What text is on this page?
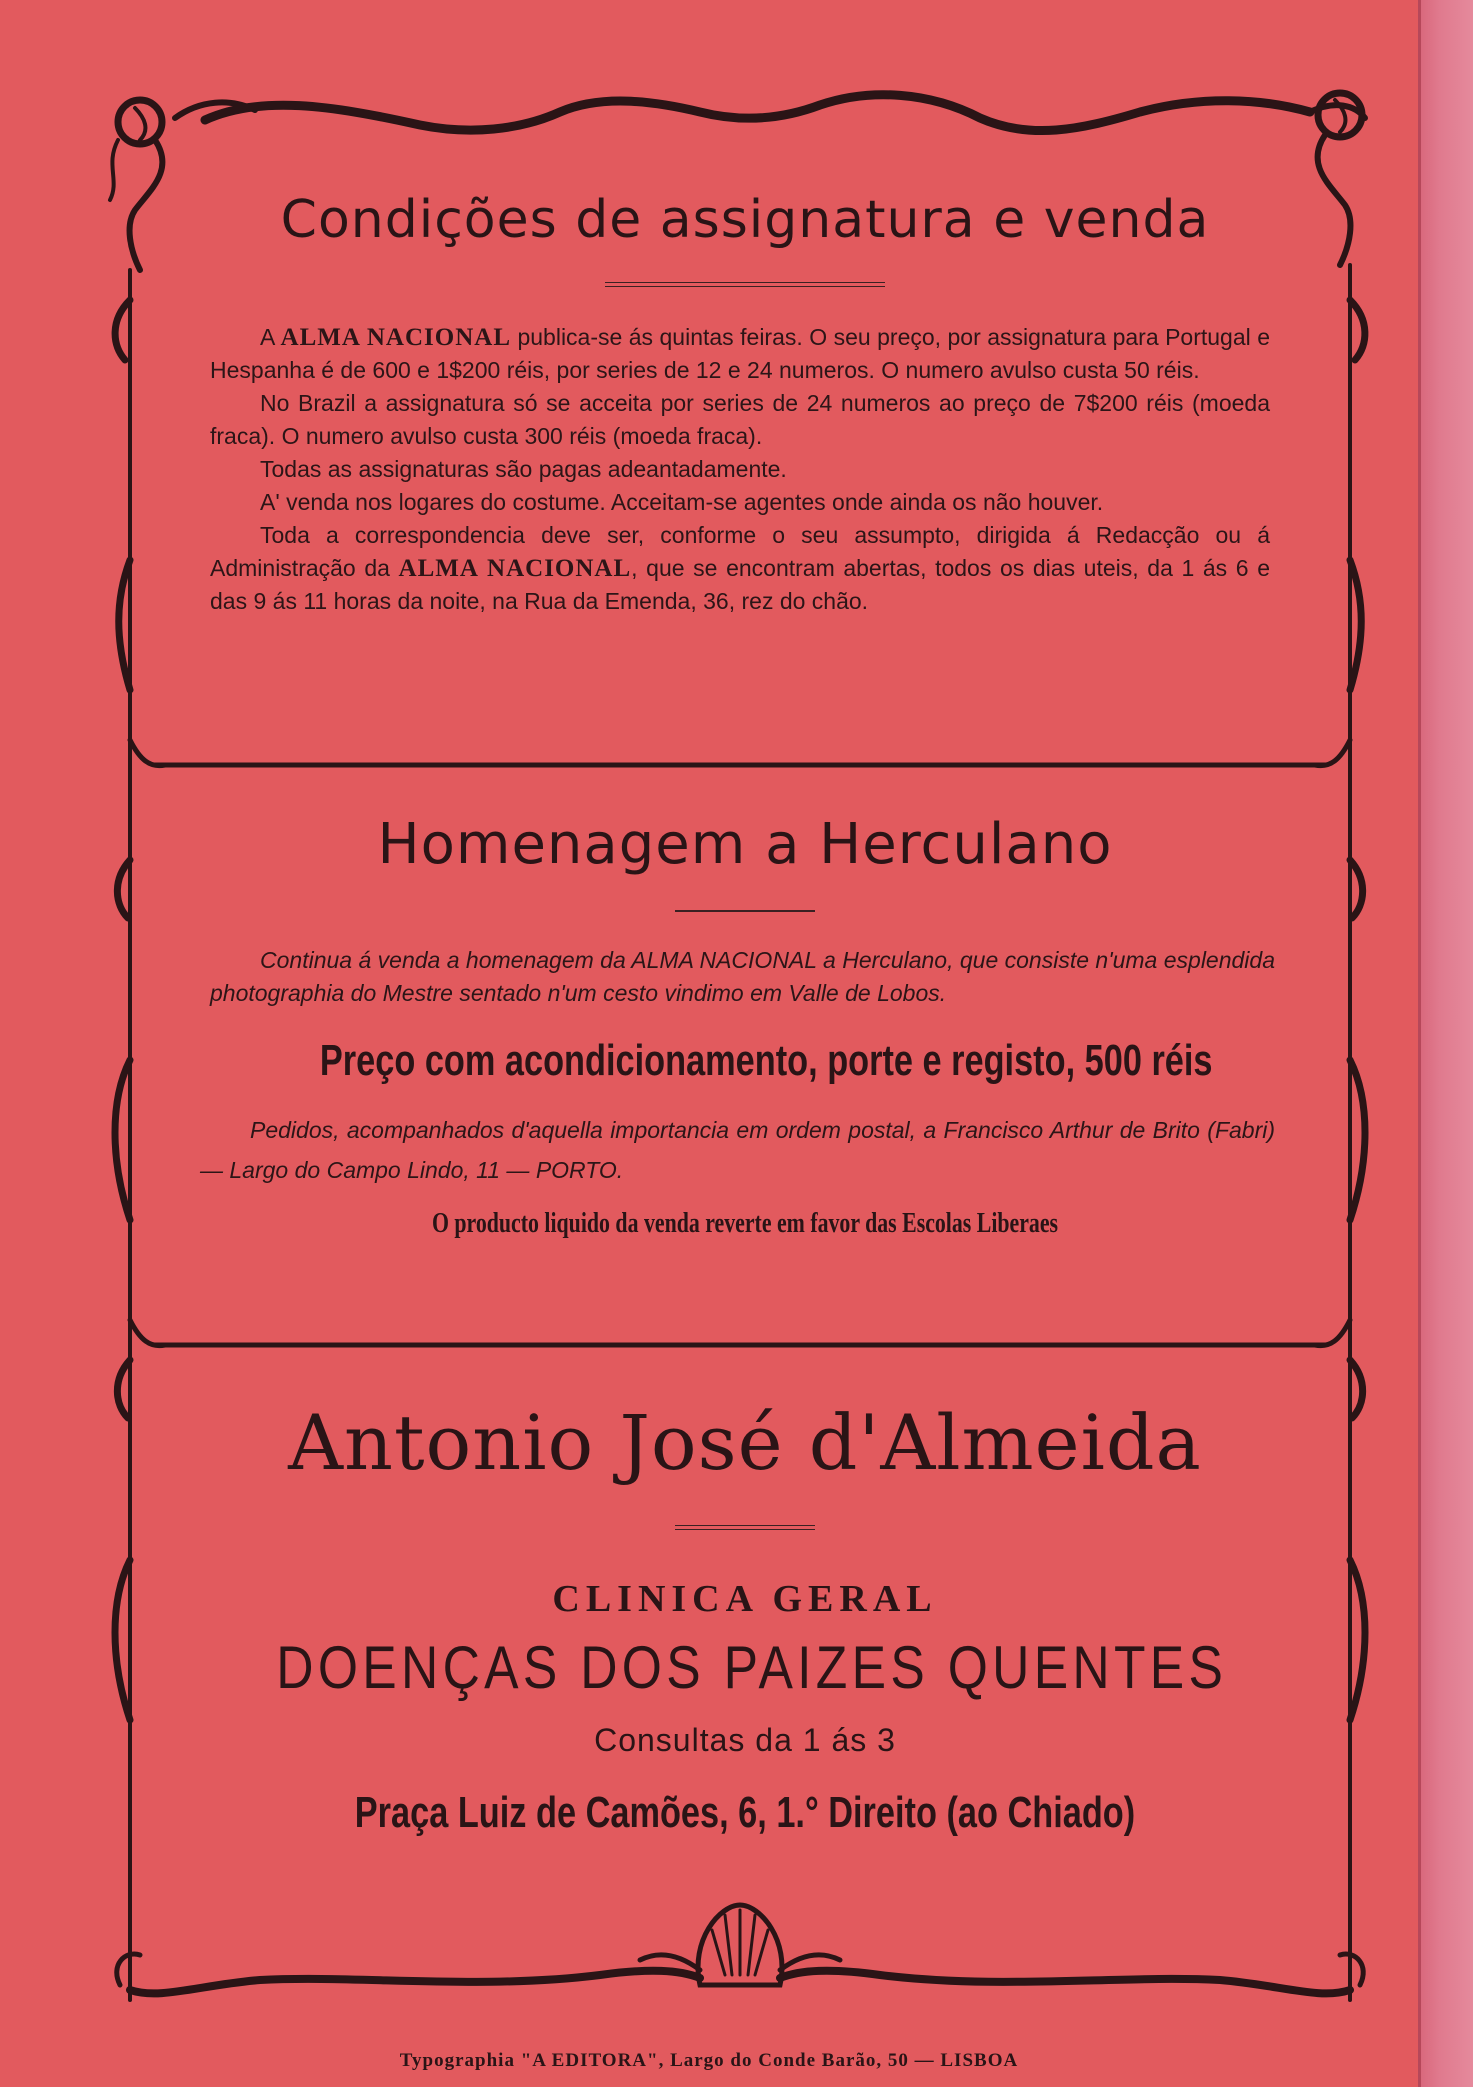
Condições de assignatura e venda

A ALMA NACIONAL publica-se ás quintas feiras. O seu preço, por assignatura para Portugal e Hespanha é de 600 e 1$200 réis, por series de 12 e 24 numeros. O numero avulso custa 50 réis.

No Brazil a assignatura só se acceita por series de 24 numeros ao preço de 7$200 réis (moeda fraca). O numero avulso custa 300 réis (moeda fraca).

Todas as assignaturas são pagas adeantadamente.

A' venda nos logares do costume. Acceitam-se agentes onde ainda os não houver.

Toda a correspondencia deve ser, conforme o seu assumpto, dirigida á Redacção ou á Administração da ALMA NACIONAL, que se encontram abertas, todos os dias uteis, da 1 ás 6 e das 9 ás 11 horas da noite, na Rua da Emenda, 36, rez do chão.

Homenagem a Herculano

Continua á venda a homenagem da ALMA NACIONAL a Herculano, que consiste n'uma esplendida photographia do Mestre sentado n'um cesto vindimo em Valle de Lobos.

Preço com acondicionamento, porte e registo, 500 réis

Pedidos, acompanhados d'aquella importancia em ordem postal, a Francisco Arthur de Brito (Fabri) — Largo do Campo Lindo, 11 — PORTO.

O producto liquido da venda reverte em favor das Escolas Liberaes
Antonio José d'Almeida
CLINICA GERAL
DOENÇAS DOS PAIZES QUENTES
Consultas da 1 ás 3
Praça Luiz de Camões, 6, 1.° Direito (ao Chiado)
Typographia "A EDITORA", Largo do Conde Barão, 50 — LISBOA
